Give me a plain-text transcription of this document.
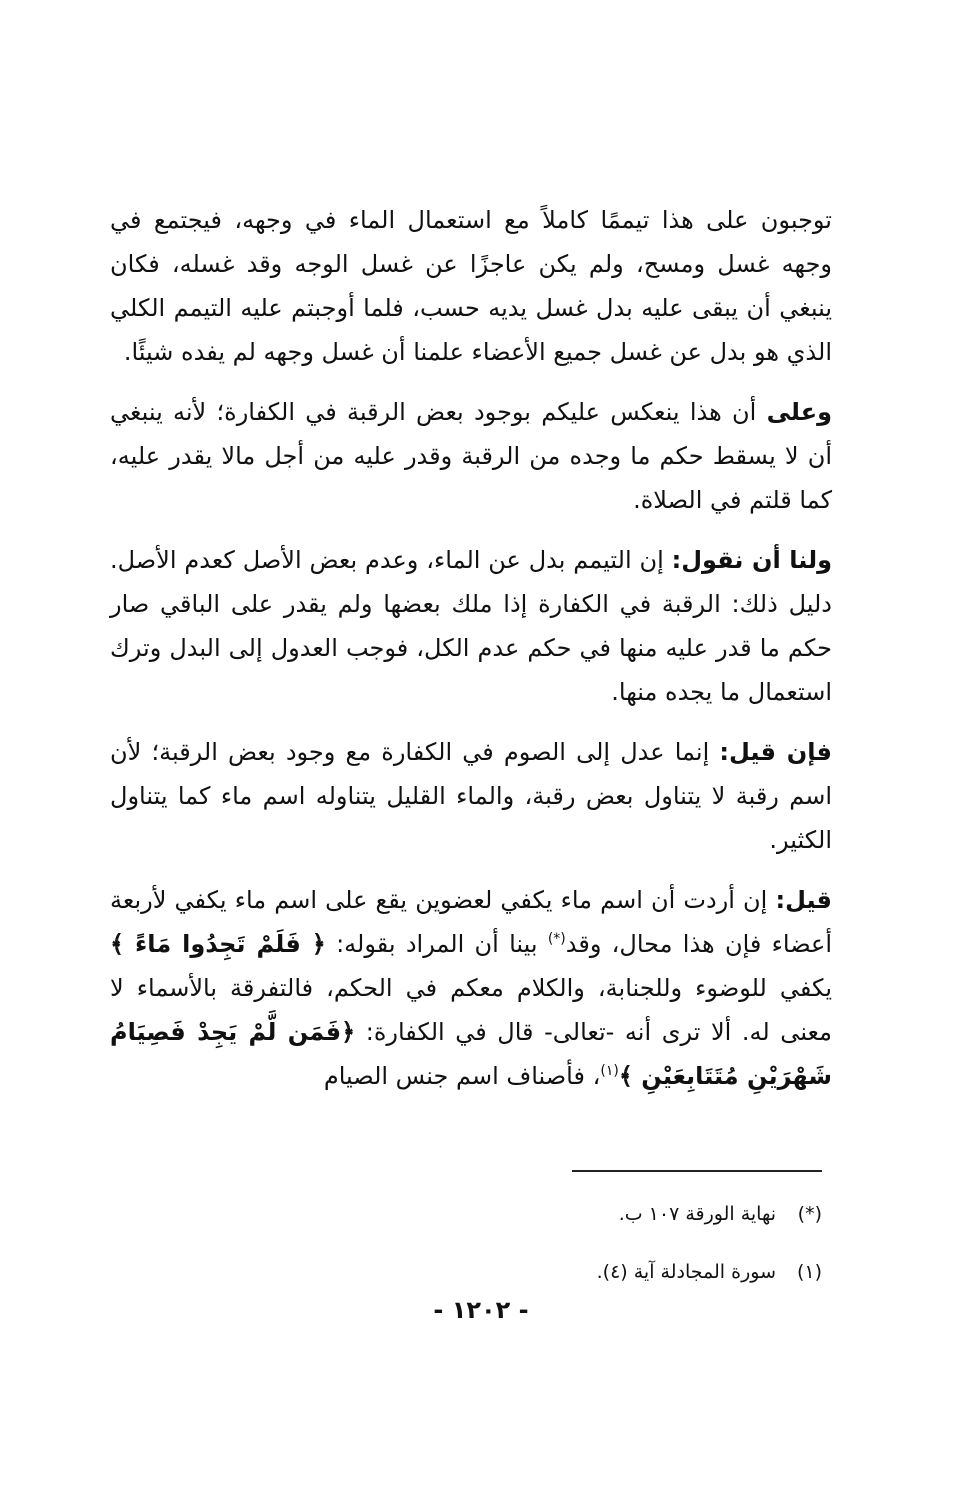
توجبون على هذا تيممًا كاملاً مع استعمال الماء في وجهه، فيجتمع في وجهه غسل ومسح، ولم يكن عاجزًا عن غسل الوجه وقد غسله، فكان ينبغي أن يبقى عليه بدل غسل يديه حسب، فلما أوجبتم عليه التيمم الكلي الذي هو بدل عن غسل جميع الأعضاء علمنا أن غسل وجهه لم يفده شيئًا.

وعلى أن هذا ينعكس عليكم بوجود بعض الرقبة في الكفارة؛ لأنه ينبغي أن لا يسقط حكم ما وجده من الرقبة وقدر عليه من أجل مالا يقدر عليه، كما قلتم في الصلاة.

ولنا أن نقول: إن التيمم بدل عن الماء، وعدم بعض الأصل كعدم الأصل. دليل ذلك: الرقبة في الكفارة إذا ملك بعضها ولم يقدر على الباقي صار حكم ما قدر عليه منها في حكم عدم الكل، فوجب العدول إلى البدل وترك استعمال ما يجده منها.

فإن قيل: إنما عدل إلى الصوم في الكفارة مع وجود بعض الرقبة؛ لأن اسم رقبة لا يتناول بعض رقبة، والماء القليل يتناوله اسم ماء كما يتناول الكثير.

قيل: إن أردت أن اسم ماء يكفي لعضوين يقع على اسم ماء يكفي لأربعة أعضاء فإن هذا محال، وقد(*) بينا أن المراد بقوله: ﴿ فَلَمْ تَجِدُوا مَاءً ﴾ يكفي للوضوء وللجنابة، والكلام معكم في الحكم، فالتفرقة بالأسماء لا معنى له. ألا ترى أنه -تعالى- قال في الكفارة: ﴿فَمَن لَّمْ يَجِدْ فَصِيَامُ شَهْرَيْنِ مُتَتَابِعَيْنِ ﴾$^{(١)}$، فأصناف اسم جنس الصيام

(*)نهاية الورقة ١٠٧ ب.
(١)سورة المجادلة آية (٤).
- ١٢٠٢ -
